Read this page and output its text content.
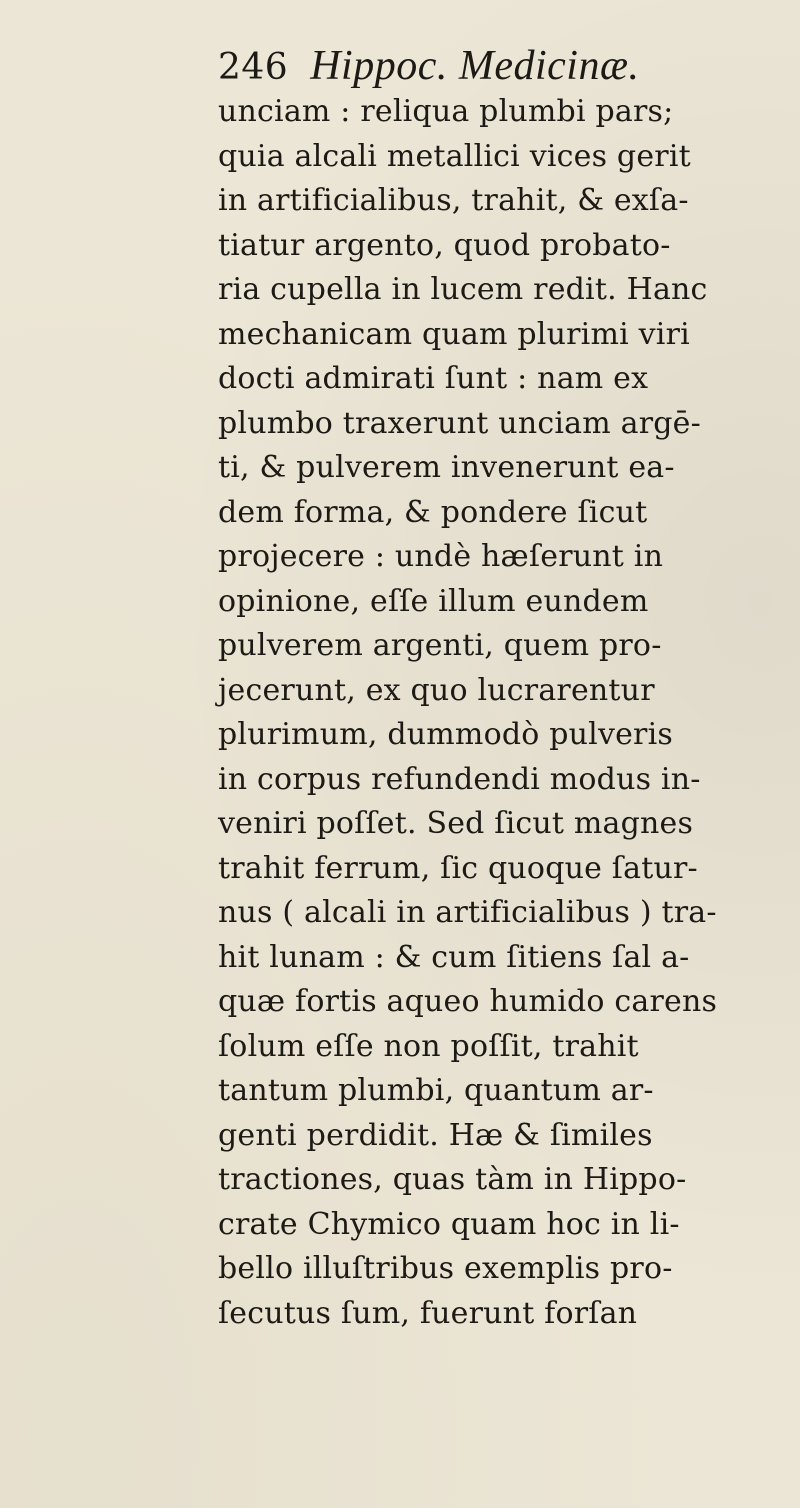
246 Hippoc. Medicinæ.
unciam : reliqua plumbi pars;
quia alcali metallici vices gerit
in artificialibus, trahit, & exſa-
tiatur argento, quod probato-
ria cupella in lucem redit. Hanc
mechanicam quam plurimi viri
docti admirati ſunt : nam ex
plumbo traxerunt unciam argē-
ti, & pulverem invenerunt ea-
dem forma, & pondere ſicut
projecere : undè hæſerunt in
opinione, eſſe illum eundem
pulverem argenti, quem pro-
jecerunt, ex quo lucrarentur
plurimum, dummodò pulveris
in corpus refundendi modus in-
veniri poſſet. Sed ſicut magnes
trahit ferrum, ſic quoque ſatur-
nus ( alcali in artificialibus ) tra-
hit lunam : & cum ſitiens ſal a-
quæ fortis aqueo humido carens
ſolum eſſe non poſſit, trahit
tantum plumbi, quantum ar-
genti perdidit. Hæ & ſimiles
tractiones, quas tàm in Hippo-
crate Chymico quam hoc in li-
bello illuſtribus exemplis pro-
ſecutus ſum, fuerunt forſan
